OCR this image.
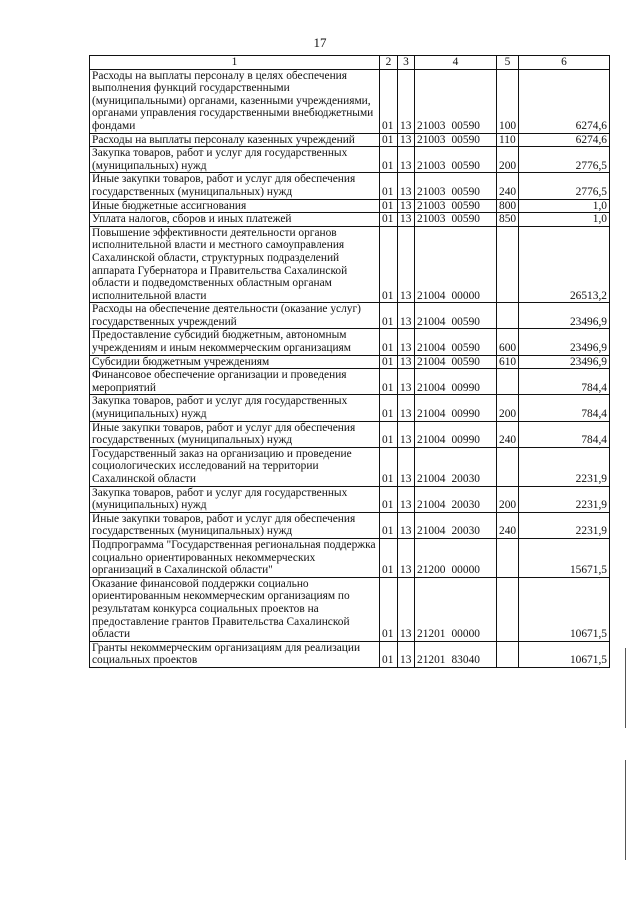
17
1	2	3	4	5	6
Расходы на выплаты персоналу в целях обеспечения выполнения функций государственными (муниципальными) органами, казенными учреждениями, органами управления государственными внебюджетными фондами	01	13	21003 00590	100	6274,6
Расходы на выплаты персоналу казенных учреждений	01	13	21003 00590	110	6274,6
Закупка товаров, работ и услуг для государственных (муниципальных) нужд	01	13	21003 00590	200	2776,5
Иные закупки товаров, работ и услуг для обеспечения государственных (муниципальных) нужд	01	13	21003 00590	240	2776,5
Иные бюджетные ассигнования	01	13	21003 00590	800	1,0
Уплата налогов, сборов и иных платежей	01	13	21003 00590	850	1,0
Повышение эффективности деятельности органов исполнительной власти и местного самоуправления Сахалинской области, структурных подразделений аппарата Губернатора и Правительства Сахалинской области и подведомственных областным органам исполнительной власти	01	13	21004 00000		26513,2
Расходы на обеспечение деятельности (оказание услуг) государственных учреждений	01	13	21004 00590		23496,9
Предоставление субсидий бюджетным, автономным учреждениям и иным некоммерческим организациям	01	13	21004 00590	600	23496,9
Субсидии бюджетным учреждениям	01	13	21004 00590	610	23496,9
Финансовое обеспечение организации и проведения мероприятий	01	13	21004 00990		784,4
Закупка товаров, работ и услуг для государственных (муниципальных) нужд	01	13	21004 00990	200	784,4
Иные закупки товаров, работ и услуг для обеспечения государственных (муниципальных) нужд	01	13	21004 00990	240	784,4
Государственный заказ на организацию и проведение социологических исследований на территории Сахалинской области	01	13	21004 20030		2231,9
Закупка товаров, работ и услуг для государственных (муниципальных) нужд	01	13	21004 20030	200	2231,9
Иные закупки товаров, работ и услуг для обеспечения государственных (муниципальных) нужд	01	13	21004 20030	240	2231,9
Подпрограмма "Государственная региональная поддержка социально ориентированных некоммерческих организаций в Сахалинской области"	01	13	21200 00000		15671,5
Оказание финансовой поддержки социально ориентированным некоммерческим организациям по результатам конкурса социальных проектов на предоставление грантов Правительства Сахалинской области	01	13	21201 00000		10671,5
Гранты некоммерческим организациям для реализации социальных проектов	01	13	21201 83040		10671,5
